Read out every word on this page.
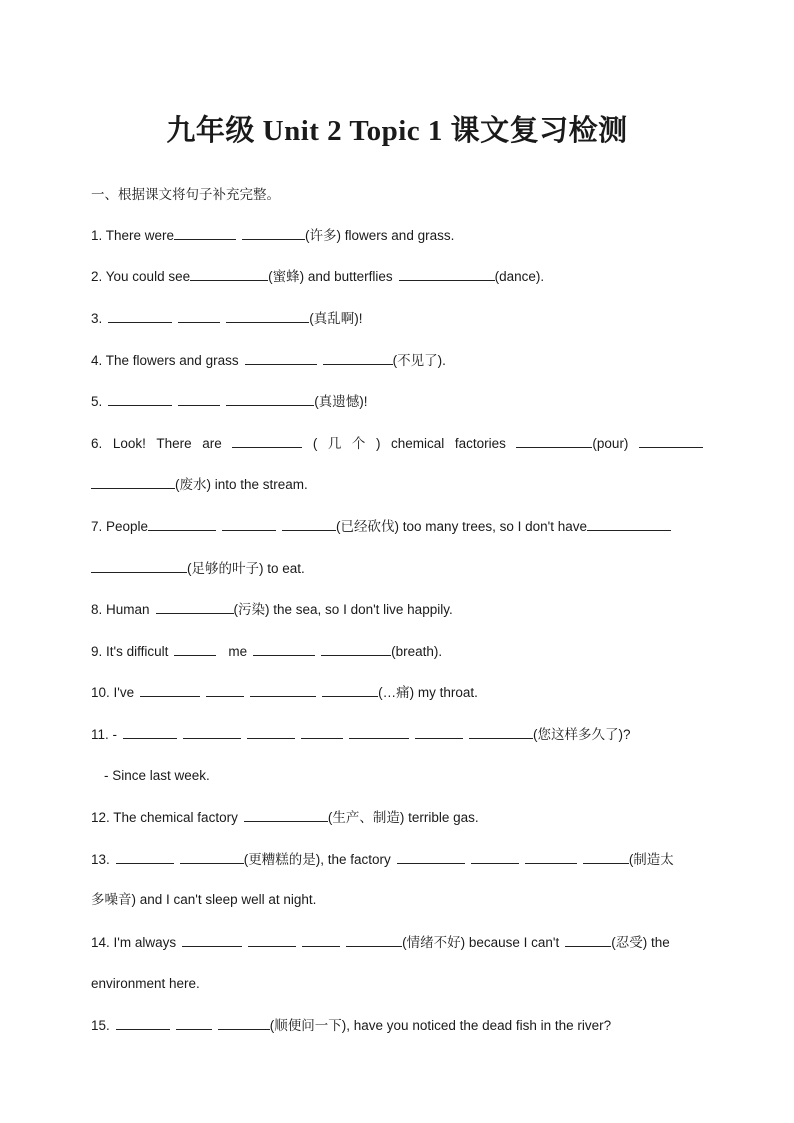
九年级 Unit 2 Topic 1 课文复习检测
一、根据课文将句子补充完整。
1. There were	(许多) flowers and grass.
2. You could see	(蜜蜂) and butterflies	(dance).
3.	(真乱啊)!
4. The flowers and grass	(不见了).
5.	(真遗憾)!
6. Look! There are	( 几 个 ) chemical factories	(pour)
(废水) into the stream.
7. People	(已经砍伐) too many trees, so I don't have
(足够的叶子) to eat.
8. Human	(污染) the sea, so I don't live happily.
9. It's difficult	me	(breath).
10. I've	(…痛) my throat.
11. -	(您这样多久了)?
- Since last week.
12. The chemical factory	(生产、制造) terrible gas.
13.	(更糟糕的是), the factory	(制造太
多噪音) and I can't sleep well at night.
14. I'm always	(情绪不好) because I can't	(忍受) the
environment here.
15.	(顺便问一下), have you noticed the dead fish in the river?
